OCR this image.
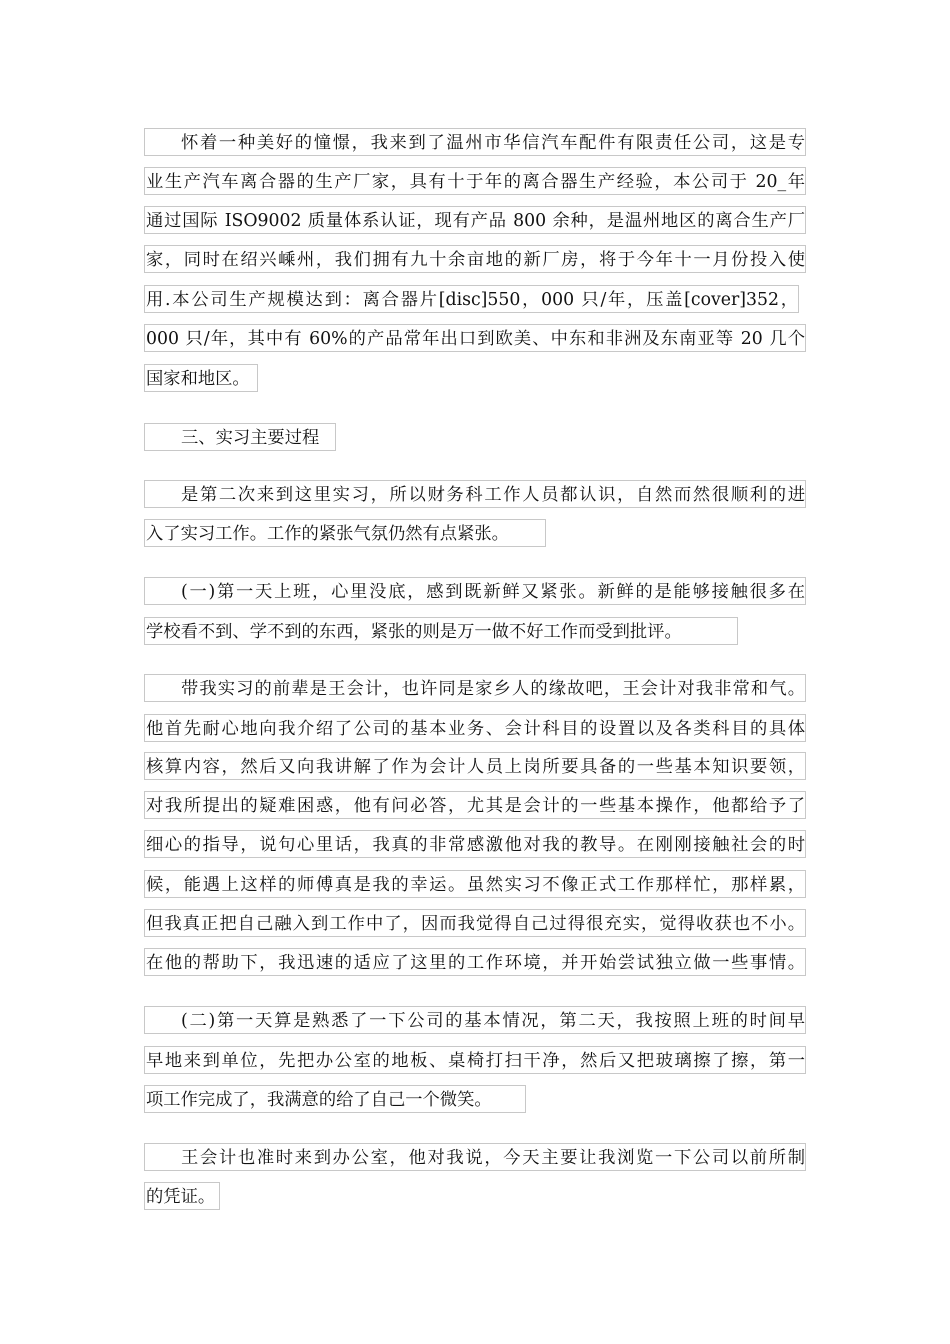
怀着一种美好的憧憬，我来到了温州市华信汽车配件有限责任公司，这是专
业生产汽车离合器的生产厂家，具有十于年的离合器生产经验，本公司于 20_年
通过国际 ISO9002 质量体系认证，现有产品 800 余种，是温州地区的离合生产厂
家，同时在绍兴嵊州，我们拥有九十余亩地的新厂房，将于今年十一月份投入使
用.本公司生产规模达到：离合器片[disc]550，000 只/年，压盖[cover]352，
000 只/年，其中有 60%的产品常年出口到欧美、中东和非洲及东南亚等 20 几个
国家和地区。
三、实习主要过程
是第二次来到这里实习，所以财务科工作人员都认识，自然而然很顺利的进
入了实习工作。工作的紧张气氛仍然有点紧张。
(一)第一天上班，心里没底，感到既新鲜又紧张。新鲜的是能够接触很多在
学校看不到、学不到的东西，紧张的则是万一做不好工作而受到批评。
带我实习的前辈是王会计，也许同是家乡人的缘故吧，王会计对我非常和气。
他首先耐心地向我介绍了公司的基本业务、会计科目的设置以及各类科目的具体
核算内容，然后又向我讲解了作为会计人员上岗所要具备的一些基本知识要领，
对我所提出的疑难困惑，他有问必答，尤其是会计的一些基本操作，他都给予了
细心的指导，说句心里话，我真的非常感激他对我的教导。在刚刚接触社会的时
候，能遇上这样的师傅真是我的幸运。虽然实习不像正式工作那样忙，那样累，
但我真正把自己融入到工作中了，因而我觉得自己过得很充实，觉得收获也不小。
在他的帮助下，我迅速的适应了这里的工作环境，并开始尝试独立做一些事情。
(二)第一天算是熟悉了一下公司的基本情况，第二天，我按照上班的时间早
早地来到单位，先把办公室的地板、桌椅打扫干净，然后又把玻璃擦了擦，第一
项工作完成了，我满意的给了自己一个微笑。
王会计也准时来到办公室，他对我说，今天主要让我浏览一下公司以前所制
的凭证。
